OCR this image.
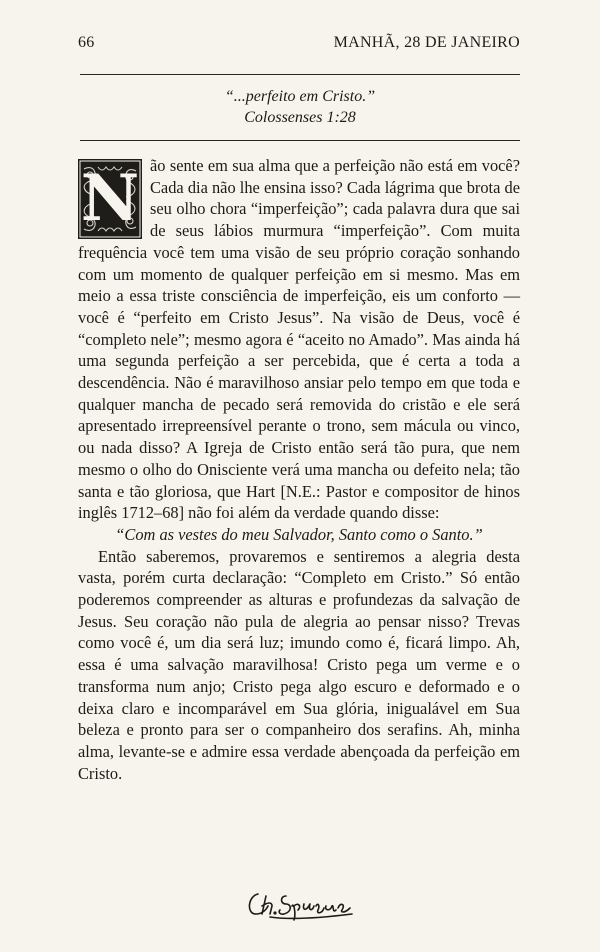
66	MANHÃ, 28 DE JANEIRO
“...perfeito em Cristo.”
Colossenses 1:28
N ão sente em sua alma que a perfeição não está em você? Cada dia não lhe ensina isso? Cada lágrima que brota de seu olho chora “imperfeição”; cada palavra dura que sai de seus lábios murmura “imperfeição”. Com muita frequência você tem uma visão de seu próprio coração sonhando com um momento de qualquer perfeição em si mesmo. Mas em meio a essa triste consciência de imperfeição, eis um conforto — você é “perfeito em Cristo Jesus”. Na visão de Deus, você é “completo nele”; mesmo agora é “aceito no Amado”. Mas ainda há uma segunda perfeição a ser percebida, que é certa a toda a descendência. Não é maravilhoso ansiar pelo tempo em que toda e qualquer mancha de pecado será removida do cristão e ele será apresentado irrepreensível perante o trono, sem mácula ou vinco, ou nada disso? A Igreja de Cristo então será tão pura, que nem mesmo o olho do Onisciente verá uma mancha ou defeito nela; tão santa e tão gloriosa, que Hart [N.E.: Pastor e compositor de hinos inglês 1712–68] não foi além da verdade quando disse:

“Com as vestes do meu Salvador, Santo como o Santo.”

Então saberemos, provaremos e sentiremos a alegria desta vasta, porém curta declaração: “Completo em Cristo.” Só então poderemos compreender as alturas e profundezas da salvação de Jesus. Seu coração não pula de alegria ao pensar nisso? Trevas como você é, um dia será luz; imundo como é, ficará limpo. Ah, essa é uma salvação maravilhosa! Cristo pega um verme e o transforma num anjo; Cristo pega algo escuro e deformado e o deixa claro e incomparável em Sua glória, inigualável em Sua beleza e pronto para ser o companheiro dos serafins. Ah, minha alma, levante-se e admire essa verdade abençoada da perfeição em Cristo.
